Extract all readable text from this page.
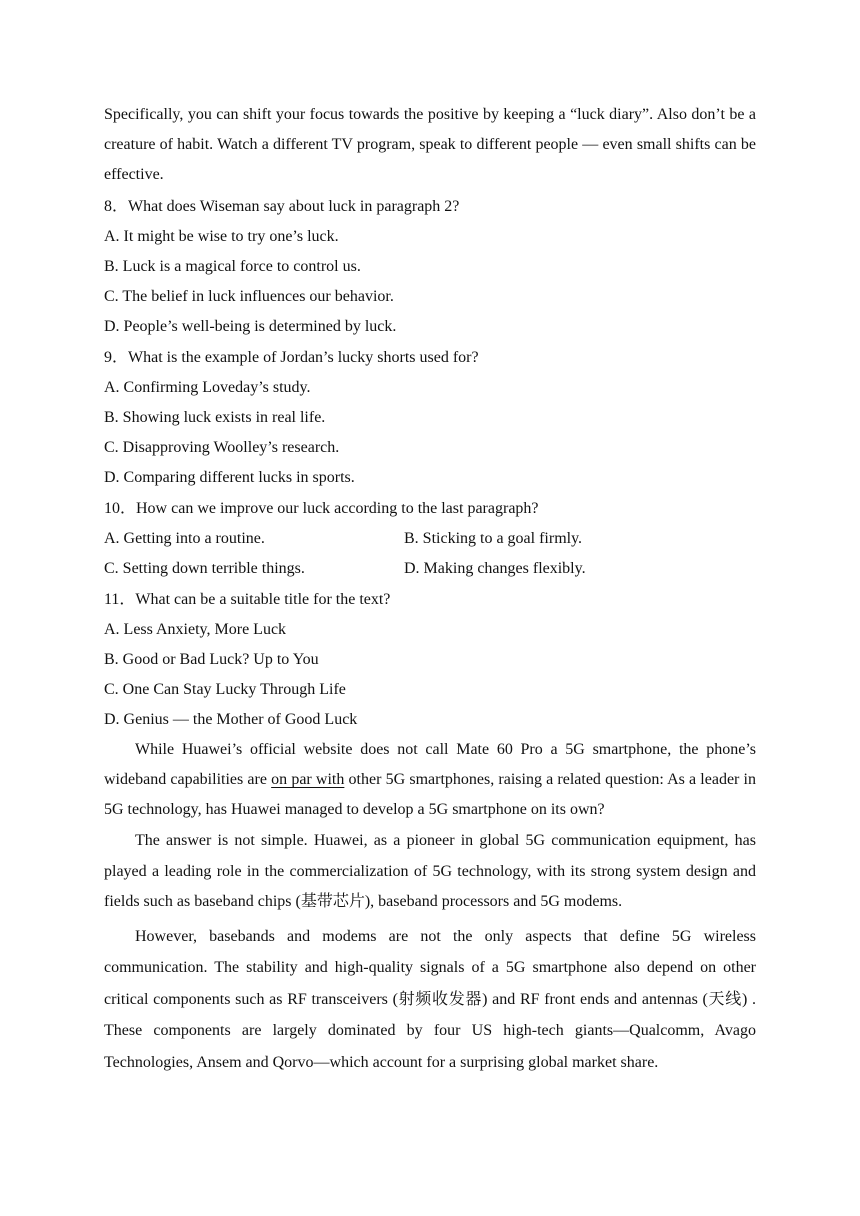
Specifically, you can shift your focus towards the positive by keeping a “luck diary”. Also don’t be a creature of habit. Watch a different TV program, speak to different people — even small shifts can be effective.

8．What does Wiseman say about luck in paragraph 2?

A. It might be wise to try one’s luck.

B. Luck is a magical force to control us.

C. The belief in luck influences our behavior.

D. People’s well-being is determined by luck.

9．What is the example of Jordan’s lucky shorts used for?

A. Confirming Loveday’s study.

B. Showing luck exists in real life.

C. Disapproving Woolley’s research.

D. Comparing different lucks in sports.

10．How can we improve our luck according to the last paragraph?

A. Getting into a routine.	B. Sticking to a goal firmly.
C. Setting down terrible things.	D. Making changes flexibly.

11．What can be a suitable title for the text?

A. Less Anxiety, More Luck

B. Good or Bad Luck? Up to You

C. One Can Stay Lucky Through Life

D. Genius — the Mother of Good Luck

While Huawei’s official website does not call Mate 60 Pro a 5G smartphone, the phone’s wideband capabilities are on par with other 5G smartphones, raising a related question: As a leader in 5G technology, has Huawei managed to develop a 5G smartphone on its own?

The answer is not simple. Huawei, as a pioneer in global 5G communication equipment, has played a leading role in the commercialization of 5G technology, with its strong system design and fields such as baseband chips (基带芯片), baseband processors and 5G modems.

However, basebands and modems are not the only aspects that define 5G wireless communication. The stability and high-quality signals of a 5G smartphone also depend on other critical components such as RF transceivers (射频收发器) and RF front ends and antennas (天线) . These components are largely dominated by four US high-tech giants—Qualcomm, Avago Technologies, Ansem and Qorvo—which account for a surprising global market share.
